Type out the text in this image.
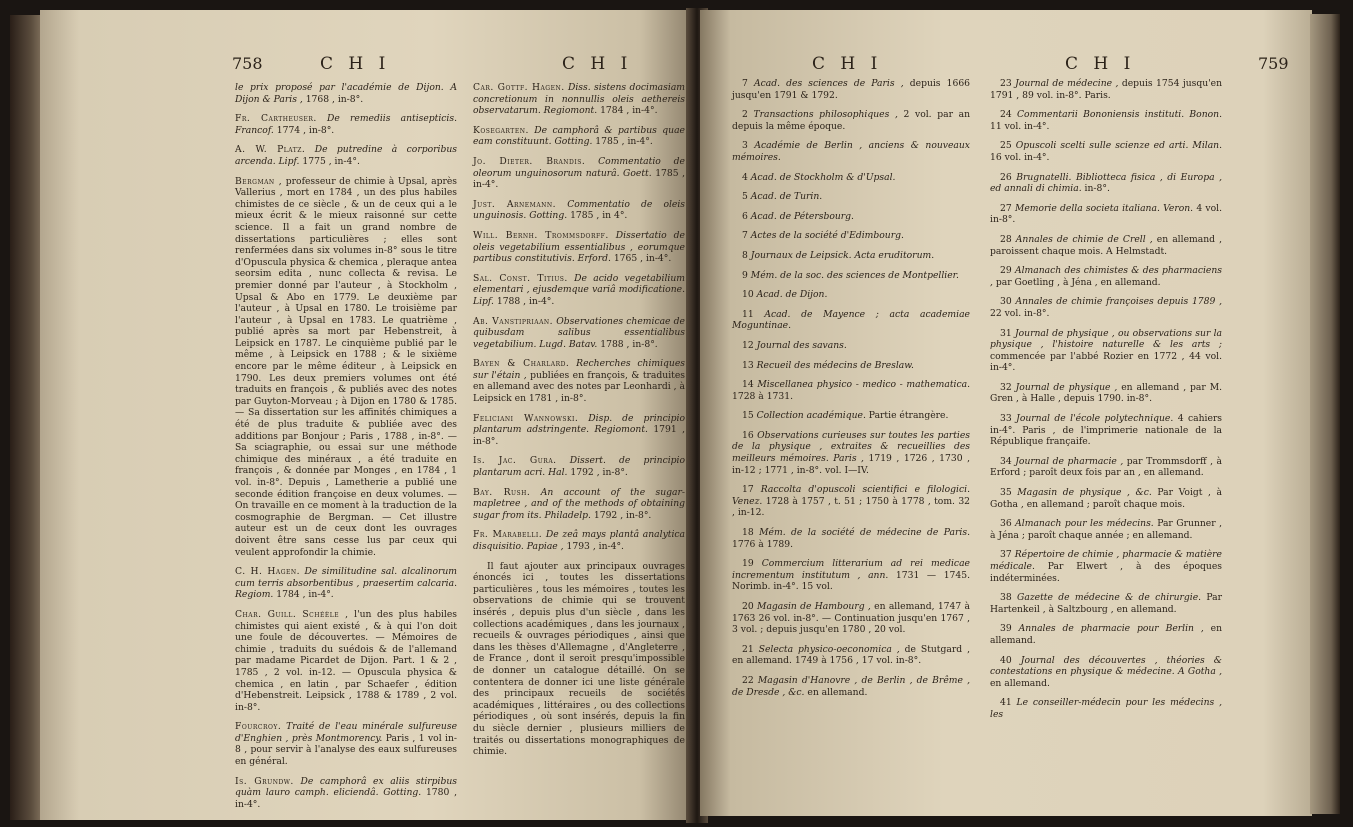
758	C H I	C H I

le prix proposé par l'académie de Dijon. A Dijon & Paris , 1768 , in-8°.

Fr. Cartheuser. De remediis antisepticis. Francof. 1774 , in-8°.

A. W. Platz. De putredine à corporibus arcenda. Lipf. 1775 , in-4°.

Bergman , professeur de chimie à Upsal, après Vallerius , mort en 1784 , un des plus habiles chimistes de ce siècle , & un de ceux qui a le mieux écrit & le mieux raisonné sur cette science. Il a fait un grand nombre de dissertations particulières ; elles sont renfermées dans six volumes in-8° sous le titre d'Opuscula physica & chemica , pleraque antea seorsim edita , nunc collecta & revisa. Le premier donné par l'auteur , à Stockholm , Upsal & Abo en 1779. Le deuxième par l'auteur , à Upsal en 1780. Le troisième par l'auteur , à Upsal en 1783. Le quatrième , publié après sa mort par Hebenstreit, à Leipsick en 1787. Le cinquième publié par le même , à Leipsick en 1788 ; & le sixième encore par le même éditeur , à Leipsick en 1790. Les deux premiers volumes ont été traduits en françois , & publiés avec des notes par Guyton-Morveau ; à Dijon en 1780 & 1785. — Sa dissertation sur les affinités chimiques a été de plus traduite & publiée avec des additions par Bonjour ; Paris , 1788 , in-8°. — Sa sciagraphie, ou essai sur une méthode chimique des minéraux , a été traduite en françois , & donnée par Monges , en 1784 , 1 vol. in-8°. Depuis , Lametherie a publié une seconde édition françoise en deux volumes. — On travaille en ce moment à la traduction de la cosmographie de Bergman. — Cet illustre auteur est un de ceux dont les ouvrages doivent être sans cesse lus par ceux qui veulent approfondir la chimie.

C. H. Hagen. De similitudine sal. alcalinorum cum terris absorbentibus , praesertim calcaria. Regiom. 1784 , in-4°.

Char. Guill. Schéèle , l'un des plus habiles chimistes qui aient existé , & à qui l'on doit une foule de découvertes. — Mémoires de chimie , traduits du suédois & de l'allemand par madame Picardet de Dijon. Part. 1 & 2 , 1785 , 2 vol. in-12. — Opuscula physica & chemica , en latin , par Schaefer , édition d'Hebenstreit. Leipsick , 1788 & 1789 , 2 vol. in-8°.

Fourcroy. Traité de l'eau minérale sulfureuse d'Enghien , près Montmorency. Paris , 1 vol in-8 , pour servir à l'analyse des eaux sulfureuses en général.

Is. Grundw. De camphorâ ex aliis stirpibus quàm lauro camph. eliciendâ. Gotting. 1780 , in-4°.

Car. Gottf. Hagen. Diss. sistens docimasiam concretionum in nonnullis oleis aethereis observatarum. Regiomont. 1784 , in-4°.

Kosegarten. De camphorâ & partibus quae eam constituunt. Gotting. 1785 , in-4°.

Jo. Dieter. Brandis. Commentatio de oleorum unguinosorum naturâ. Goett. 1785 , in-4°.

Just. Arnemann. Commentatio de oleis unguinosis. Gotting. 1785 , in 4°.

Will. Bernh. Trommsdorff. Dissertatio de oleis vegetabilium essentialibus , eorumque partibus constitutivis. Erford. 1765 , in-4°.

Sal. Const. Titius. De acido vegetabilium elementari , ejusdemque variâ modificatione. Lipf. 1788 , in-4°.

Ab. Vanstipriaan. Observationes chemicae de quibusdam salibus essentialibus vegetabilium. Lugd. Batav. 1788 , in-8°.

Bayen & Charlard. Recherches chimiques sur l'étain , publiées en françois, & traduites en allemand avec des notes par Leonhardi , à Leipsick en 1781 , in-8°.

Feliciani Wannowski. Disp. de principio plantarum adstringente. Regiomont. 1791 , in-8°.

Is. Jac. Gura. Dissert. de principio plantarum acri. Hal. 1792 , in-8°.

Bay. Rush. An account of the sugar-mapletree , and of the methods of obtaining sugar from its. Philadelp. 1792 , in-8°.

Fr. Marabelli. De zeâ mays plantâ analytica disquisitio. Papiae , 1793 , in-4°.

Il faut ajouter aux principaux ouvrages énoncés ici , toutes les dissertations particulières , tous les mémoires , toutes les observations de chimie qui se trouvent insérés , depuis plus d'un siècle , dans les collections académiques , dans les journaux , recueils & ouvrages périodiques , ainsi que dans les thèses d'Allemagne , d'Angleterre , de France , dont il seroit presqu'impossible de donner un catalogue détaillé. On se contentera de donner ici une liste générale des principaux recueils de sociétés académiques , littéraires , ou des collections périodiques , où sont insérés, depuis la fin du siècle dernier , plusieurs milliers de traités ou dissertations monographiques de chimie.

C H I	C H I	759

7 Acad. des sciences de Paris , depuis 1666 jusqu'en 1791 & 1792.

2 Transactions philosophiques , 2 vol. par an depuis la même époque.

3 Académie de Berlin , anciens & nouveaux mémoires.

4 Acad. de Stockholm & d'Upsal.

5 Acad. de Turin.

6 Acad. de Pétersbourg.

7 Actes de la société d'Edimbourg.

8 Journaux de Leipsick. Acta eruditorum.

9 Mém. de la soc. des sciences de Montpellier.

10 Acad. de Dijon.

11 Acad. de Mayence ; acta academiae Moguntinae.

12 Journal des savans.

13 Recueil des médecins de Breslaw.

14 Miscellanea physico - medico - mathematica. 1728 à 1731.

15 Collection académique. Partie étrangère.

16 Observations curieuses sur toutes les parties de la physique , extraites & recueillies des meilleurs mémoires. Paris , 1719 , 1726 , 1730 , in-12 ; 1771 , in-8°. vol. I—IV.

17 Raccolta d'opuscoli scientifici e filologici. Venez. 1728 à 1757 , t. 51 ; 1750 à 1778 , tom. 32 , in-12.

18 Mém. de la société de médecine de Paris. 1776 à 1789.

19 Commercium litterarium ad rei medicae incrementum institutum , ann. 1731 — 1745. Norimb. in-4°. 15 vol.

20 Magasin de Hambourg , en allemand, 1747 à 1763 26 vol. in-8°. — Continuation jusqu'en 1767 , 3 vol. ; depuis jusqu'en 1780 , 20 vol.

21 Selecta physico-oeconomica , de Stutgard , en allemand. 1749 à 1756 , 17 vol. in-8°.

22 Magasin d'Hanovre , de Berlin , de Brême , de Dresde , &c. en allemand.

23 Journal de médecine , depuis 1754 jusqu'en 1791 , 89 vol. in-8°. Paris.

24 Commentarii Bononiensis instituti. Bonon. 11 vol. in-4°.

25 Opuscoli scelti sulle scienze ed arti. Milan. 16 vol. in-4°.

26 Brugnatelli. Bibliotteca fisica , di Europa , ed annali di chimia. in-8°.

27 Memorie della societa italiana. Veron. 4 vol. in-8°.

28 Annales de chimie de Crell , en allemand , paroissent chaque mois. A Helmstadt.

29 Almanach des chimistes & des pharmaciens , par Goetling , à Jéna , en allemand.

30 Annales de chimie françoises depuis 1789 , 22 vol. in-8°.

31 Journal de physique , ou observations sur la physique , l'histoire naturelle & les arts ; commencée par l'abbé Rozier en 1772 , 44 vol. in-4°.

32 Journal de physique , en allemand , par M. Gren , à Halle , depuis 1790. in-8°.

33 Journal de l'école polytechnique. 4 cahiers in-4°. Paris , de l'imprimerie nationale de la République françaife.

34 Journal de pharmacie , par Trommsdorff , à Erford ; paroît deux fois par an , en allemand.

35 Magasin de physique , &c. Par Voigt , à Gotha , en allemand ; paroît chaque mois.

36 Almanach pour les médecins. Par Grunner , à Jéna ; paroît chaque année ; en allemand.

37 Répertoire de chimie , pharmacie & matière médicale. Par Elwert , à des époques indéterminées.

38 Gazette de médecine & de chirurgie. Par Hartenkeil , à Saltzbourg , en allemand.

39 Annales de pharmacie pour Berlin , en allemand.

40 Journal des découvertes , théories & contestations en physique & médecine. A Gotha , en allemand.

41 Le conseiller-médecin pour les médecins , les
